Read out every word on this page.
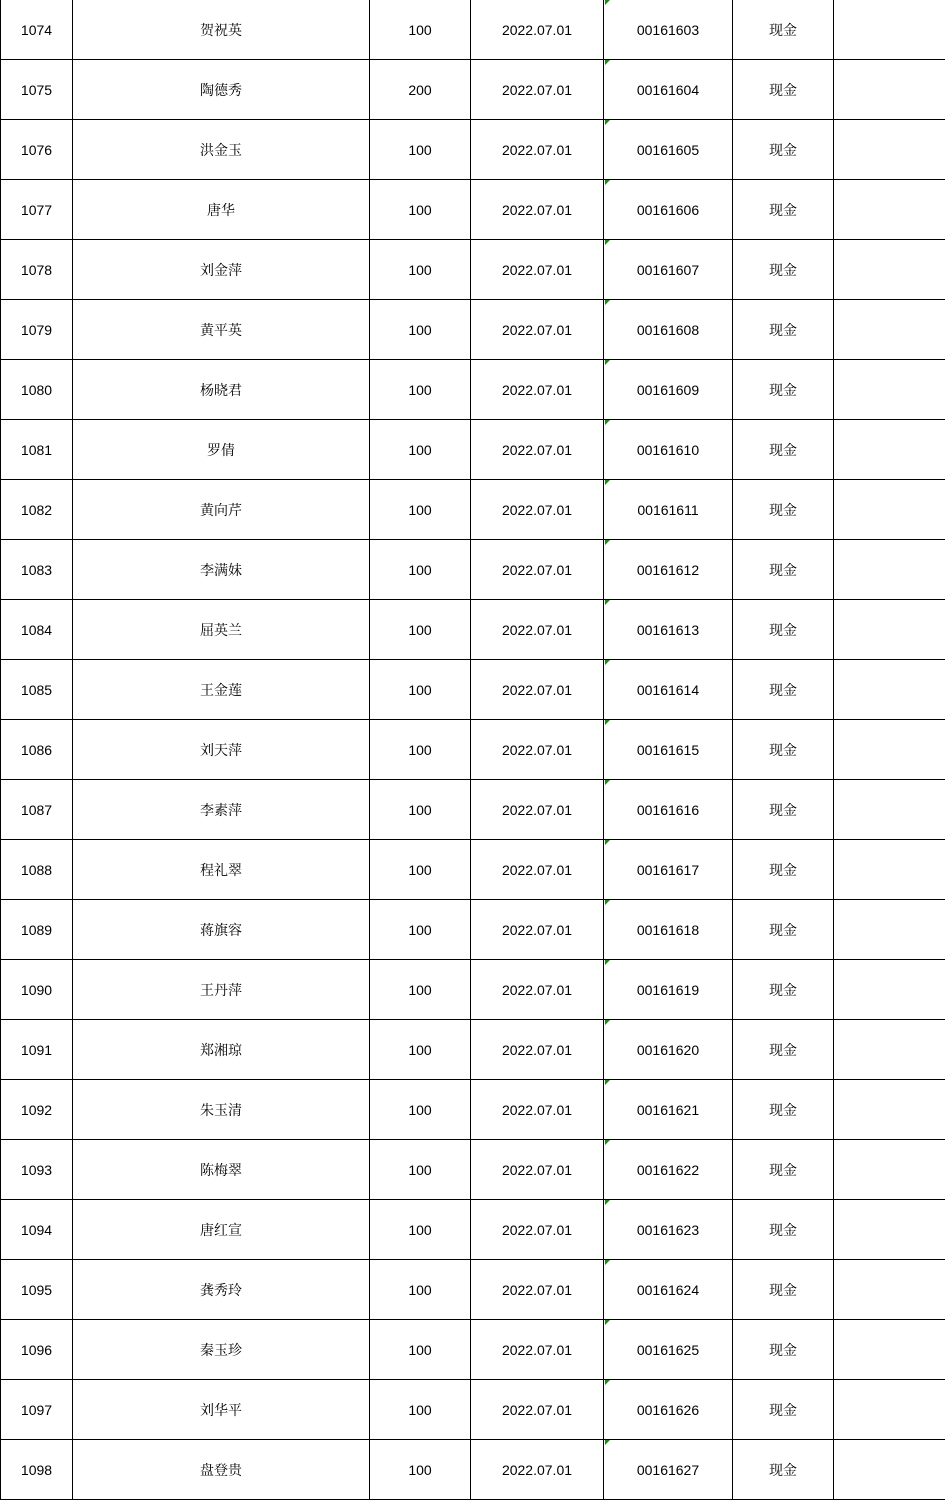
1074	贺祝英	100	2022.07.01	00161603	现金	
1075	陶德秀	200	2022.07.01	00161604	现金	
1076	洪金玉	100	2022.07.01	00161605	现金	
1077	唐华	100	2022.07.01	00161606	现金	
1078	刘金萍	100	2022.07.01	00161607	现金	
1079	黄平英	100	2022.07.01	00161608	现金	
1080	杨晓君	100	2022.07.01	00161609	现金	
1081	罗倩	100	2022.07.01	00161610	现金	
1082	黄向芹	100	2022.07.01	00161611	现金	
1083	李满妹	100	2022.07.01	00161612	现金	
1084	屈英兰	100	2022.07.01	00161613	现金	
1085	王金莲	100	2022.07.01	00161614	现金	
1086	刘天萍	100	2022.07.01	00161615	现金	
1087	李素萍	100	2022.07.01	00161616	现金	
1088	程礼翠	100	2022.07.01	00161617	现金	
1089	蒋旗容	100	2022.07.01	00161618	现金	
1090	王丹萍	100	2022.07.01	00161619	现金	
1091	郑湘琼	100	2022.07.01	00161620	现金	
1092	朱玉清	100	2022.07.01	00161621	现金	
1093	陈梅翠	100	2022.07.01	00161622	现金	
1094	唐红宣	100	2022.07.01	00161623	现金	
1095	龚秀玲	100	2022.07.01	00161624	现金	
1096	秦玉珍	100	2022.07.01	00161625	现金	
1097	刘华平	100	2022.07.01	00161626	现金	
1098	盘登贵	100	2022.07.01	00161627	现金	
